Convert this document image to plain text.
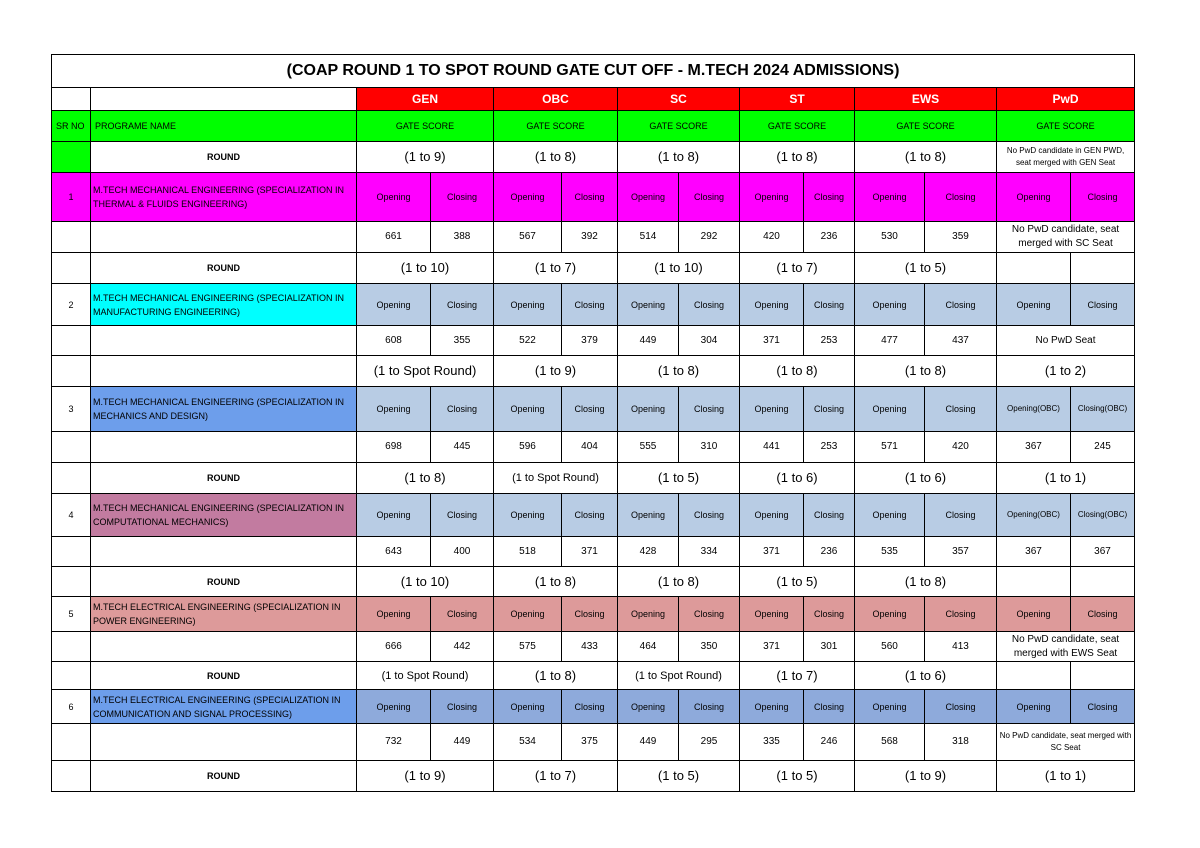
(COAP ROUND 1 TO SPOT ROUND GATE CUT OFF - M.TECH 2024 ADMISSIONS)													
		GEN		OBC		SC		ST		EWS		PwD	
SR NO	PROGRAME NAME	GATE SCORE		GATE SCORE		GATE SCORE		GATE SCORE		GATE SCORE		GATE SCORE	
	ROUND	(1 to 9)		(1 to 8)		(1 to 8)		(1 to 8)		(1 to 8)		No PwD candidate in GEN PWD, seat merged with GEN Seat	
1	M.TECH MECHANICAL ENGINEERING (SPECIALIZATION IN THERMAL & FLUIDS ENGINEERING)	Opening	Closing	Opening	Closing	Opening	Closing	Opening	Closing	Opening	Closing	Opening	Closing
		661	388	567	392	514	292	420	236	530	359	No PwD candidate, seat merged with SC Seat	
	ROUND	(1 to 10)		(1 to 7)		(1 to 10)		(1 to 7)		(1 to 5)			
2	M.TECH MECHANICAL ENGINEERING (SPECIALIZATION IN MANUFACTURING ENGINEERING)	Opening	Closing	Opening	Closing	Opening	Closing	Opening	Closing	Opening	Closing	Opening	Closing
		608	355	522	379	449	304	371	253	477	437	No PwD Seat	
		(1 to Spot Round)		(1 to 9)		(1 to 8)		(1 to 8)		(1 to 8)		(1 to 2)	
3	M.TECH MECHANICAL ENGINEERING (SPECIALIZATION IN MECHANICS AND DESIGN)	Opening	Closing	Opening	Closing	Opening	Closing	Opening	Closing	Opening	Closing	Opening(OBC)	Closing(OBC)
		698	445	596	404	555	310	441	253	571	420	367	245
	ROUND	(1 to 8)		(1 to Spot Round)		(1 to 5)		(1 to 6)		(1 to 6)		(1 to 1)	
4	M.TECH MECHANICAL ENGINEERING (SPECIALIZATION IN COMPUTATIONAL MECHANICS)	Opening	Closing	Opening	Closing	Opening	Closing	Opening	Closing	Opening	Closing	Opening(OBC)	Closing(OBC)
		643	400	518	371	428	334	371	236	535	357	367	367
	ROUND	(1 to 10)		(1 to 8)		(1 to 8)		(1 to 5)		(1 to 8)			
5	M.TECH ELECTRICAL ENGINEERING (SPECIALIZATION IN POWER ENGINEERING)	Opening	Closing	Opening	Closing	Opening	Closing	Opening	Closing	Opening	Closing	Opening	Closing
		666	442	575	433	464	350	371	301	560	413	No PwD candidate, seat merged with EWS Seat	
	ROUND	(1 to Spot Round)		(1 to 8)		(1 to Spot Round)		(1 to 7)		(1 to 6)			
6	M.TECH ELECTRICAL ENGINEERING (SPECIALIZATION IN COMMUNICATION AND SIGNAL PROCESSING)	Opening	Closing	Opening	Closing	Opening	Closing	Opening	Closing	Opening	Closing	Opening	Closing
		732	449	534	375	449	295	335	246	568	318	No PwD candidate, seat merged with SC Seat	
	ROUND	(1 to 9)		(1 to 7)		(1 to 5)		(1 to 5)		(1 to 9)		(1 to 1)	
